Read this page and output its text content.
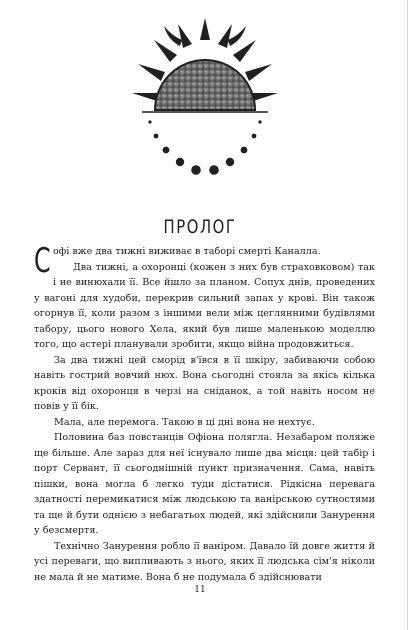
ПРОЛОГ

Софі вже два тижні виживає в таборі смерті Каналла.

Два тижні, а охоронці (кожен з них був страховковом) так і не винюхали її. Все йшло за планом. Сопух днів, проведених у вагоні для худоби, перекрив сильний запах у крові. Він також огорнув її, коли разом з іншими вели між цеглянними будівлями табору, цього нового Хела, який був лише маленькою моделлю того, що астері планували зробити, якщо війна продовжиться.

За два тижні цей сморід в'ївся в її шкіру, забиваючи собою навіть гострий вовчий нюх. Вона сьогодні стояла за якісь кілька кроків від охоронця в черзі на сніданок, а той навіть носом не повів у її бік.

Мала, але перемога. Такою в ці дні вона не нехтує.

Половина баз повстанців Офіона полягла. Незабаром поляже ще більше. Але зараз для неї існувало лише два місця: цей табір і порт Сервант, її сьогоднішній пункт призначення. Сама, навіть пішки, вона могла б легко туди дістатися. Рідкісна перевага здатності перемикатися між людською та ванірською сутностями та ще й бути однією з небагатьох людей, які здійснили Занурення у безсмертя.

Технічно Занурення робло її ваніром. Давало їй довге життя й усі переваги, що випливають з нього, яких її людська сім'я ніколи не мала й не матиме. Вона б не подумала б здійснювати

11
